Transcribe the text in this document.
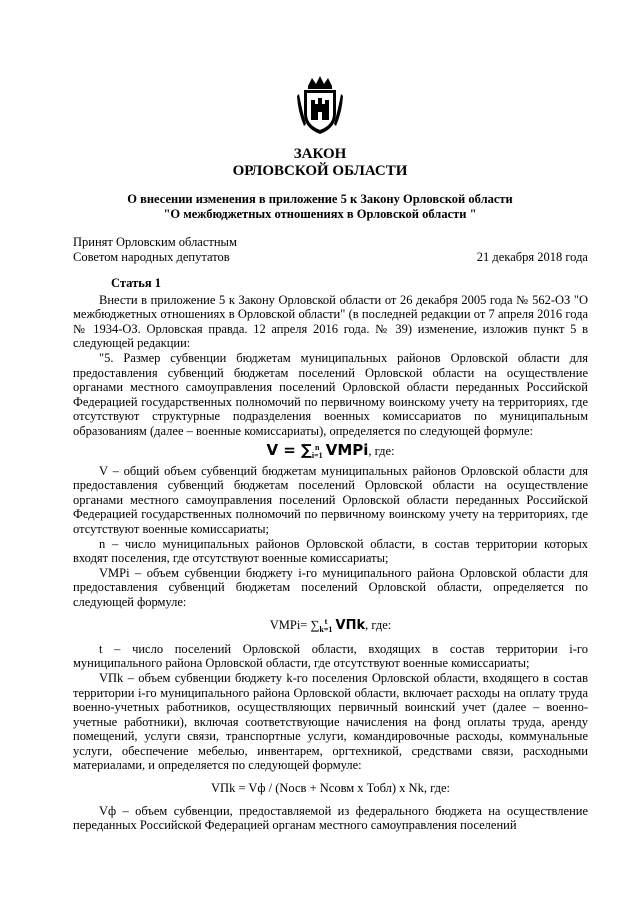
ЗАКОН
ОРЛОВСКОЙ ОБЛАСТИ
О внесении изменения в приложение 5 к Закону Орловской области
"О межбюджетных отношениях в Орловской области "
Принят Орловским областным
Советом народных депутатов	21 декабря 2018 года
Статья 1

Внести в приложение 5 к Закону Орловской области от 26 декабря 2005 года № 562-ОЗ "О межбюджетных отношениях в Орловской области" (в последней редакции от 7 апреля 2016 года № 1934-ОЗ. Орловская правда. 12 апреля 2016 года. № 39) изменение, изложив пункт 5 в следующей редакции:

"5. Размер субвенции бюджетам муниципальных районов Орловской области для предоставления субвенций бюджетам поселений Орловской области на осуществление органами местного самоуправления поселений Орловской области переданных Российской Федерацией государственных полномочий по первичному воинскому учету на территориях, где отсутствуют структурные подразделения военных комиссариатов по муниципальным образованиям (далее – военные комиссариаты), определяется по следующей формуле:

V = ∑ n
i=1 VMPi, где:

V – общий объем субвенций бюджетам муниципальных районов Орловской области для предоставления субвенций бюджетам поселений Орловской области на осуществление органами местного самоуправления поселений Орловской области переданных Российской Федерацией государственных полномочий по первичному воинскому учету на территориях, где отсутствуют военные комиссариаты;

n – число муниципальных районов Орловской области, в состав территории которых входят поселения, где отсутствуют военные комиссариаты;

VMPi – объем субвенции бюджету i-го муниципального района Орловской области для предоставления субвенций бюджетам поселений Орловской области, определяется по следующей формуле:

VMPi= ∑ t
k=1 VПk, где:

t – число поселений Орловской области, входящих в состав территории i-го муниципального района Орловской области, где отсутствуют военные комиссариаты;

VПk – объем субвенции бюджету k-го поселения Орловской области, входящего в состав территории i-го муниципального района Орловской области, включает расходы на оплату труда военно-учетных работников, осуществляющих первичный воинский учет (далее – военно-учетные работники), включая соответствующие начисления на фонд оплаты труда, аренду помещений, услуги связи, транспортные услуги, командировочные расходы, коммунальные услуги, обеспечение мебелью, инвентарем, оргтехникой, средствами связи, расходными материалами, и определяется по следующей формуле:

VПk = Vф / (Nосв + Nсовм х Тобл) х Nk, где:

Vф – объем субвенции, предоставляемой из федерального бюджета на осуществление переданных Российской Федерацией органам местного самоуправления поселений
